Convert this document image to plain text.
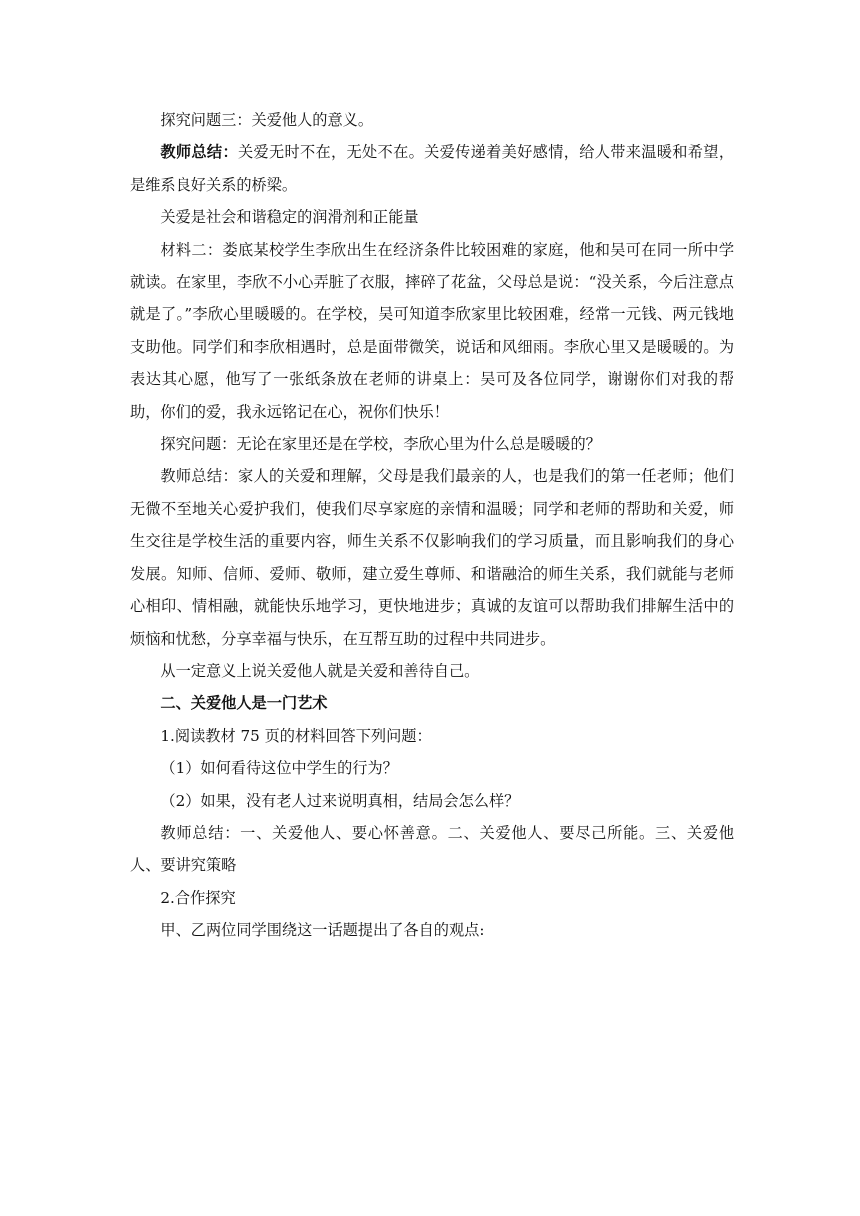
探究问题三：关爱他人的意义。

教师总结：关爱无时不在，无处不在。关爱传递着美好感情，给人带来温暖和希望，是维系良好关系的桥梁。

关爱是社会和谐稳定的润滑剂和正能量

材料二：娄底某校学生李欣出生在经济条件比较困难的家庭，他和吴可在同一所中学就读。在家里，李欣不小心弄脏了衣服，摔碎了花盆，父母总是说：“没关系，今后注意点就是了。”李欣心里暖暖的。在学校，吴可知道李欣家里比较困难，经常一元钱、两元钱地支助他。同学们和李欣相遇时，总是面带微笑，说话和风细雨。李欣心里又是暖暖的。为表达其心愿，他写了一张纸条放在老师的讲桌上：吴可及各位同学，谢谢你们对我的帮助，你们的爱，我永远铭记在心，祝你们快乐！

探究问题：无论在家里还是在学校，李欣心里为什么总是暖暖的？

教师总结：家人的关爱和理解，父母是我们最亲的人，也是我们的第一任老师；他们无微不至地关心爱护我们，使我们尽享家庭的亲情和温暖；同学和老师的帮助和关爱，师生交往是学校生活的重要内容，师生关系不仅影响我们的学习质量，而且影响我们的身心发展。知师、信师、爱师、敬师，建立爱生尊师、和谐融洽的师生关系，我们就能与老师心相印、情相融，就能快乐地学习，更快地进步；真诚的友谊可以帮助我们排解生活中的烦恼和忧愁，分享幸福与快乐，在互帮互助的过程中共同进步。

从一定意义上说关爱他人就是关爱和善待自己。

二、关爱他人是一门艺术

1.阅读教材 75 页的材料回答下列问题：

（1）如何看待这位中学生的行为？

（2）如果，没有老人过来说明真相，结局会怎么样？

教师总结：一、关爱他人、要心怀善意。二、关爱他人、要尽己所能。三、关爱他人、要讲究策略

2.合作探究

甲、乙两位同学围绕这一话题提出了各自的观点:
